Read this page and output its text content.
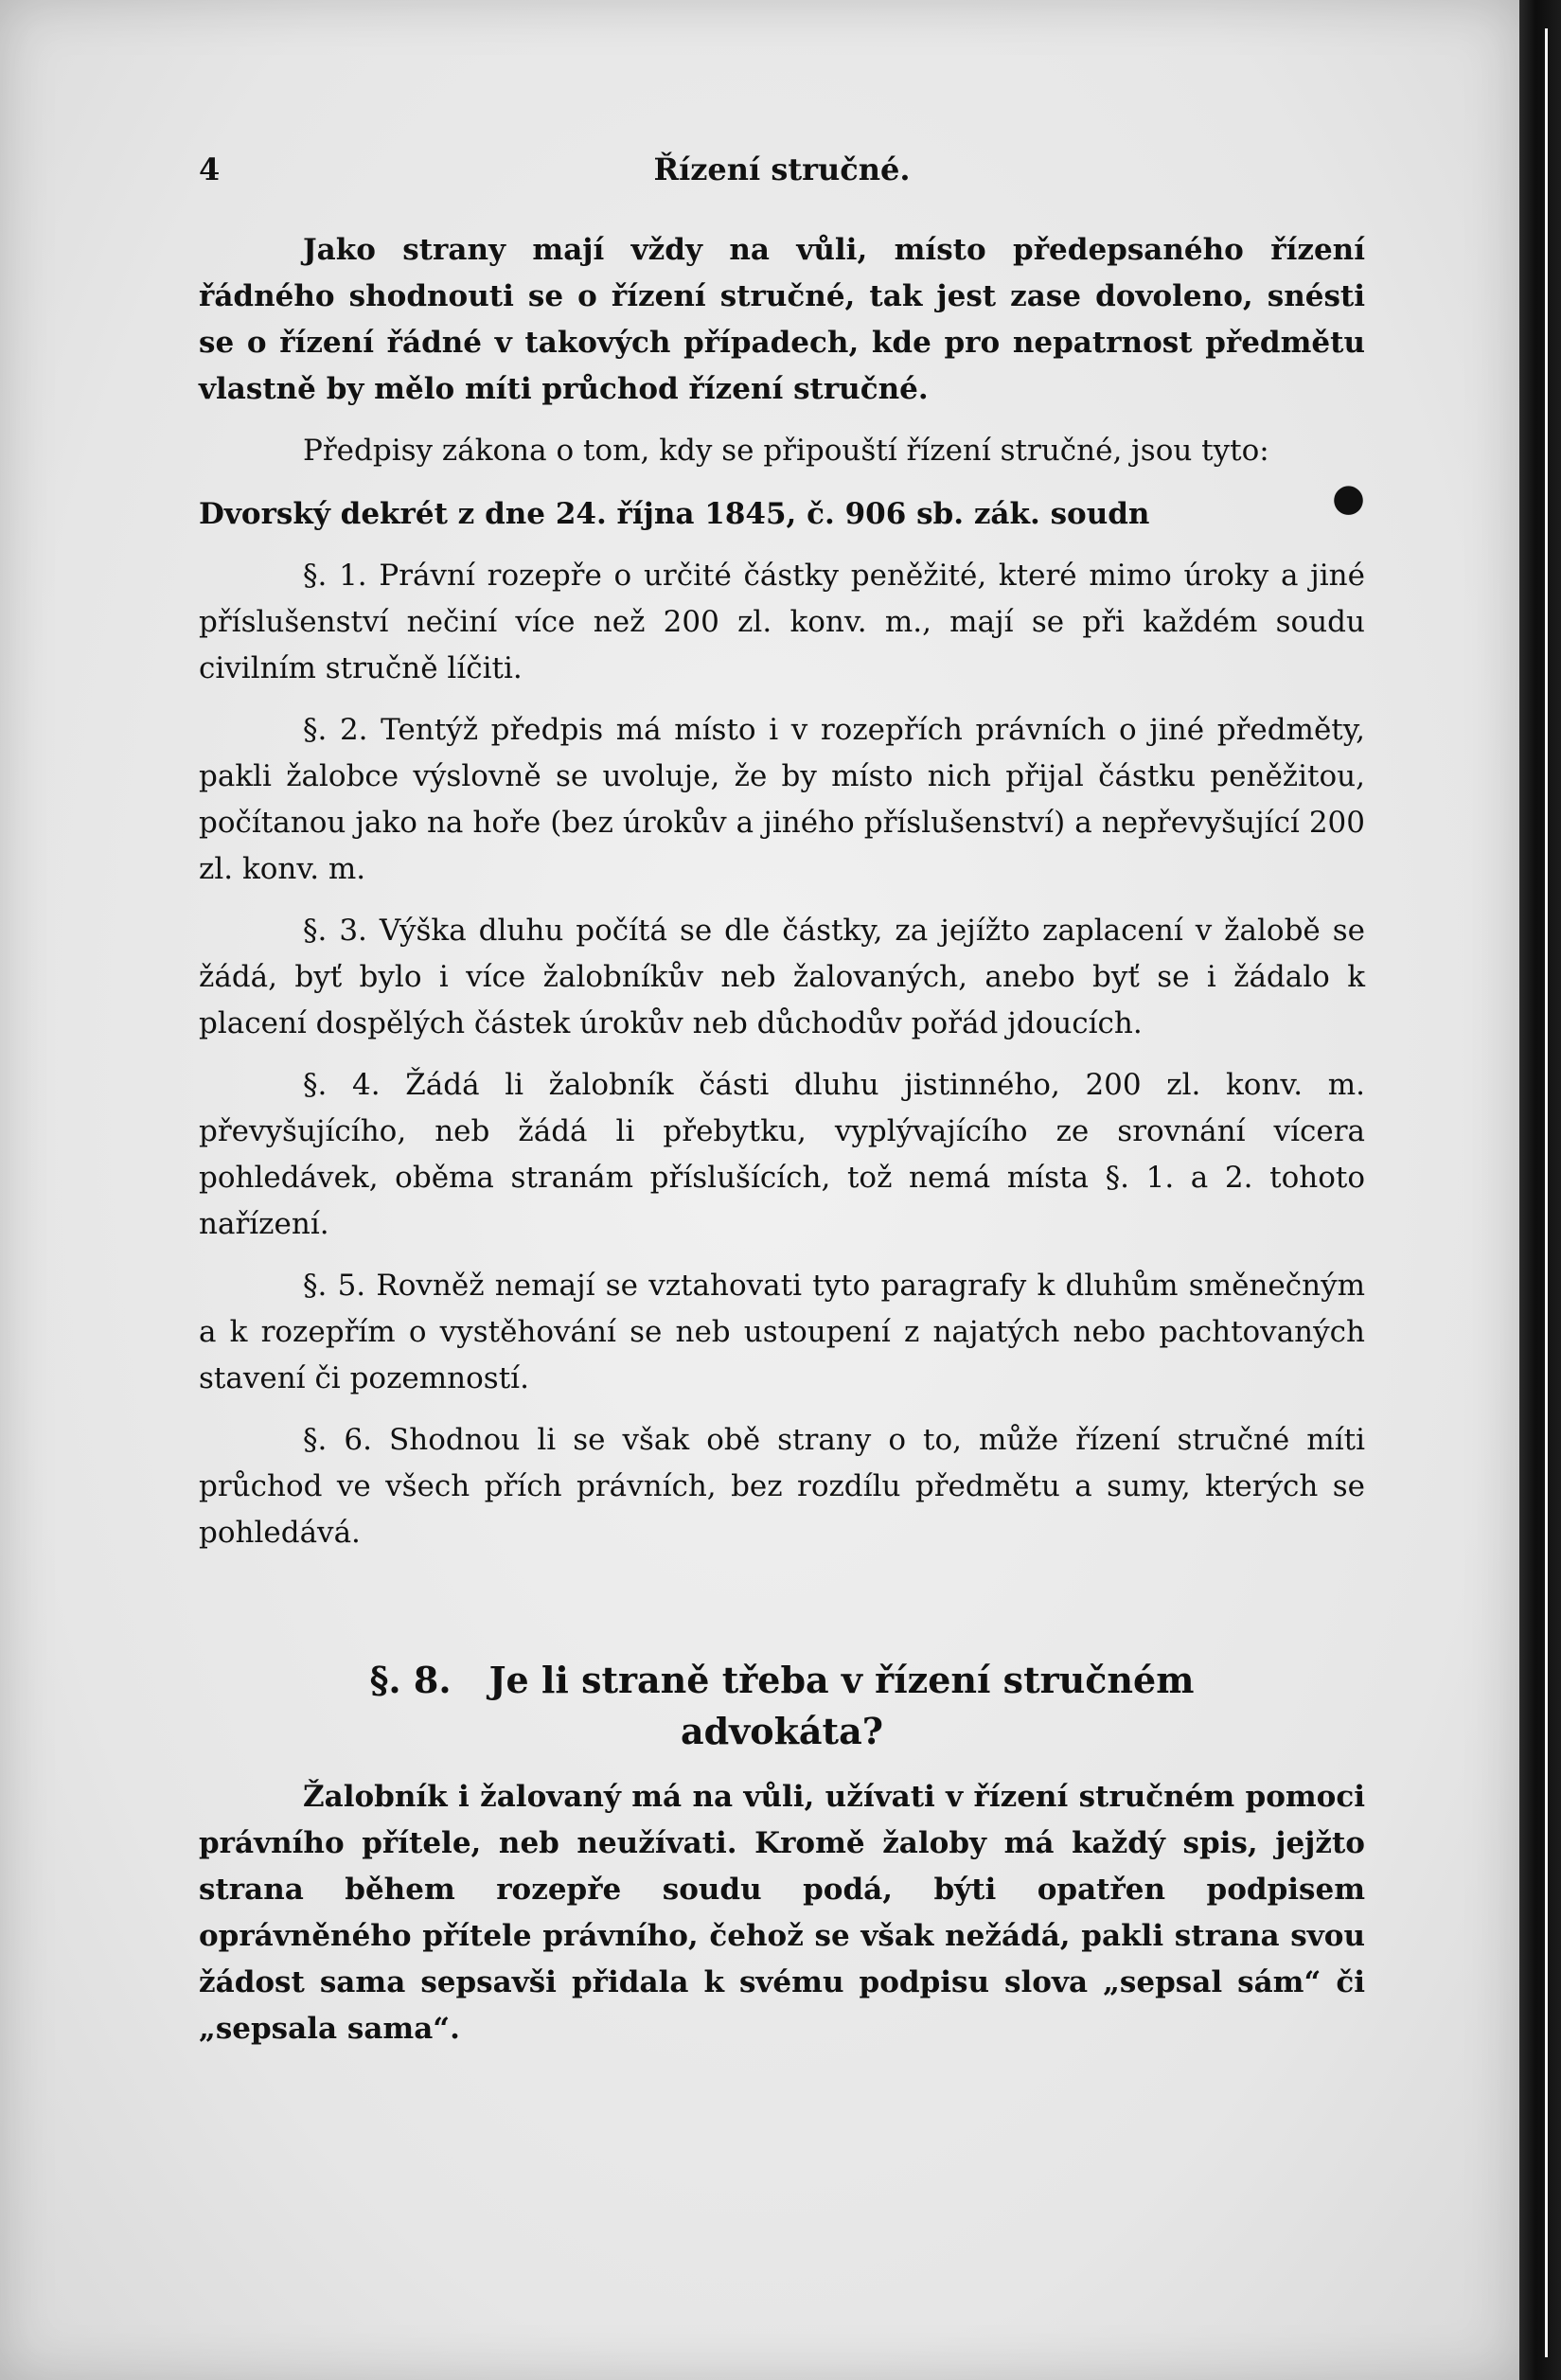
4	Řízení stručné.

Jako strany mají vždy na vůli, místo předepsaného řízení řádného shodnouti se o řízení stručné, tak jest zase dovoleno, snésti se o řízení řádné v takových případech, kde pro nepatrnost předmětu vlastně by mělo míti průchod řízení stručné.

Předpisy zákona o tom, kdy se připouští řízení stručné, jsou tyto:
●

Dvorský dekrét z dne 24. října 1845, č. 906 sb. zák. soudn

§. 1. Právní rozepře o určité částky peněžité, které mimo úroky a jiné příslušenství nečiní více než 200 zl. konv. m., mají se při každém soudu civilním stručně líčiti.

§. 2. Tentýž předpis má místo i v rozepřích právních o jiné předměty, pakli žalobce výslovně se uvoluje, že by místo nich přijal částku peněžitou, počítanou jako na hoře (bez úrokův a jiného příslušenství) a nepřevyšující 200 zl. konv. m.

§. 3. Výška dluhu počítá se dle částky, za jejížto zaplacení v žalobě se žádá, byť bylo i více žalobníkův neb žalovaných, anebo byť se i žádalo k placení dospělých částek úrokův neb důchodův pořád jdoucích.

§. 4. Žádá li žalobník části dluhu jistinného, 200 zl. konv. m. převyšujícího, neb žádá li přebytku, vyplývajícího ze srovnání vícera pohledávek, oběma stranám příslušících, tož nemá místa §. 1. a 2. tohoto nařízení.

§. 5. Rovněž nemají se vztahovati tyto paragrafy k dluhům směnečným a k rozepřím o vystěhování se neb ustoupení z najatých nebo pachtovaných stavení či pozemností.

§. 6. Shodnou li se však obě strany o to, může řízení stručné míti průchod ve všech přích právních, bez rozdílu předmětu a sumy, kterých se pohledává.

§. 8. Je li straně třeba v řízení stručném
advokáta?

Žalobník i žalovaný má na vůli, užívati v řízení stručném pomoci právního přítele, neb neužívati. Kromě žaloby má každý spis, jejžto strana během rozepře soudu podá, býti opatřen podpisem oprávněného přítele právního, čehož se však nežádá, pakli strana svou žádost sama sepsavši přidala k svému podpisu slova „sepsal sám“ či „sepsala sama“.
